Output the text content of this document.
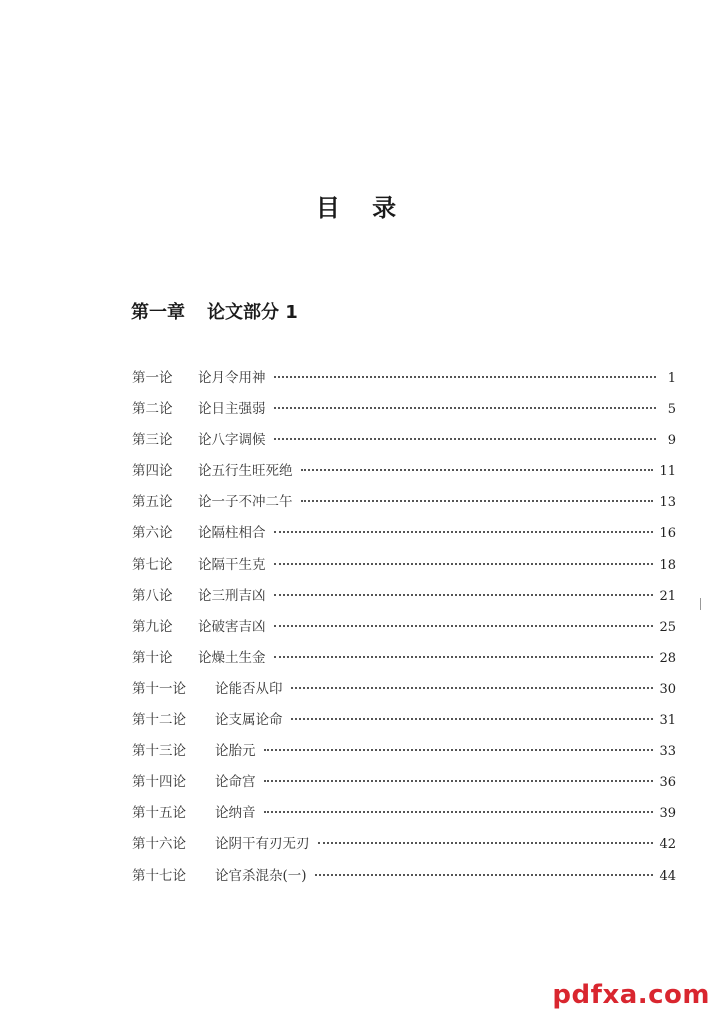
目 录
第一章 论文部分 1
第一论	论月令用神	1
第二论	论日主强弱	5
第三论	论八字调候	9
第四论	论五行生旺死绝	11
第五论	论一子不冲二午	13
第六论	论隔柱相合	16
第七论	论隔干生克	18
第八论	论三刑吉凶	21
第九论	论破害吉凶	25
第十论	论燥土生金	28
第十一论	论能否从印	30
第十二论	论支属论命	31
第十三论	论胎元	33
第十四论	论命宫	36
第十五论	论纳音	39
第十六论	论阴干有刃无刃	42
第十七论	论官杀混杂(一)	44
pdfxa.com
